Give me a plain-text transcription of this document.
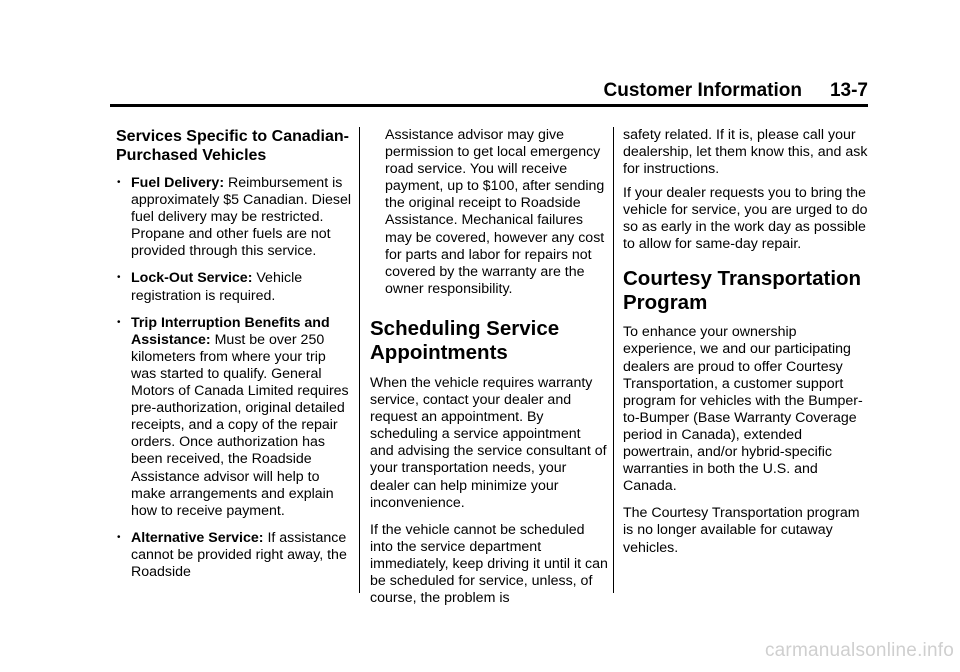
Customer Information 13-7
Services Specific to Canadian-Purchased Vehicles
• Fuel Delivery: Reimbursement is approximately $5 Canadian. Diesel fuel delivery may be restricted. Propane and other fuels are not provided through this service.
• Lock-Out Service: Vehicle registration is required.
• Trip Interruption Benefits and Assistance: Must be over 250 kilometers from where your trip was started to qualify. General Motors of Canada Limited requires pre-authorization, original detailed receipts, and a copy of the repair orders. Once authorization has been received, the Roadside Assistance advisor will help to make arrangements and explain how to receive payment.
• Alternative Service: If assistance cannot be provided right away, the Roadside
Scheduling Service Appointments

When the vehicle requires warranty service, contact your dealer and request an appointment. By scheduling a service appointment and advising the service consultant of your transportation needs, your dealer can help minimize your inconvenience.

If the vehicle cannot be scheduled into the service department immediately, keep driving it until it can be scheduled for service, unless, of course, the problem is

Assistance advisor may give permission to get local emergency road service. You will receive payment, up to $100, after sending the original receipt to Roadside Assistance. Mechanical failures may be covered, however any cost for parts and labor for repairs not covered by the warranty are the owner responsibility.

If your dealer requests you to bring the vehicle for service, you are urged to do so as early in the work day as possible to allow for same-day repair.

Courtesy Transportation Program

To enhance your ownership experience, we and our participating dealers are proud to offer Courtesy Transportation, a customer support program for vehicles with the Bumper-to-Bumper (Base Warranty Coverage period in Canada), extended powertrain, and/or hybrid-specific warranties in both the U.S. and Canada.

The Courtesy Transportation program is no longer available for cutaway vehicles.

safety related. If it is, please call your dealership, let them know this, and ask for instructions.

carmanualsonline.info
